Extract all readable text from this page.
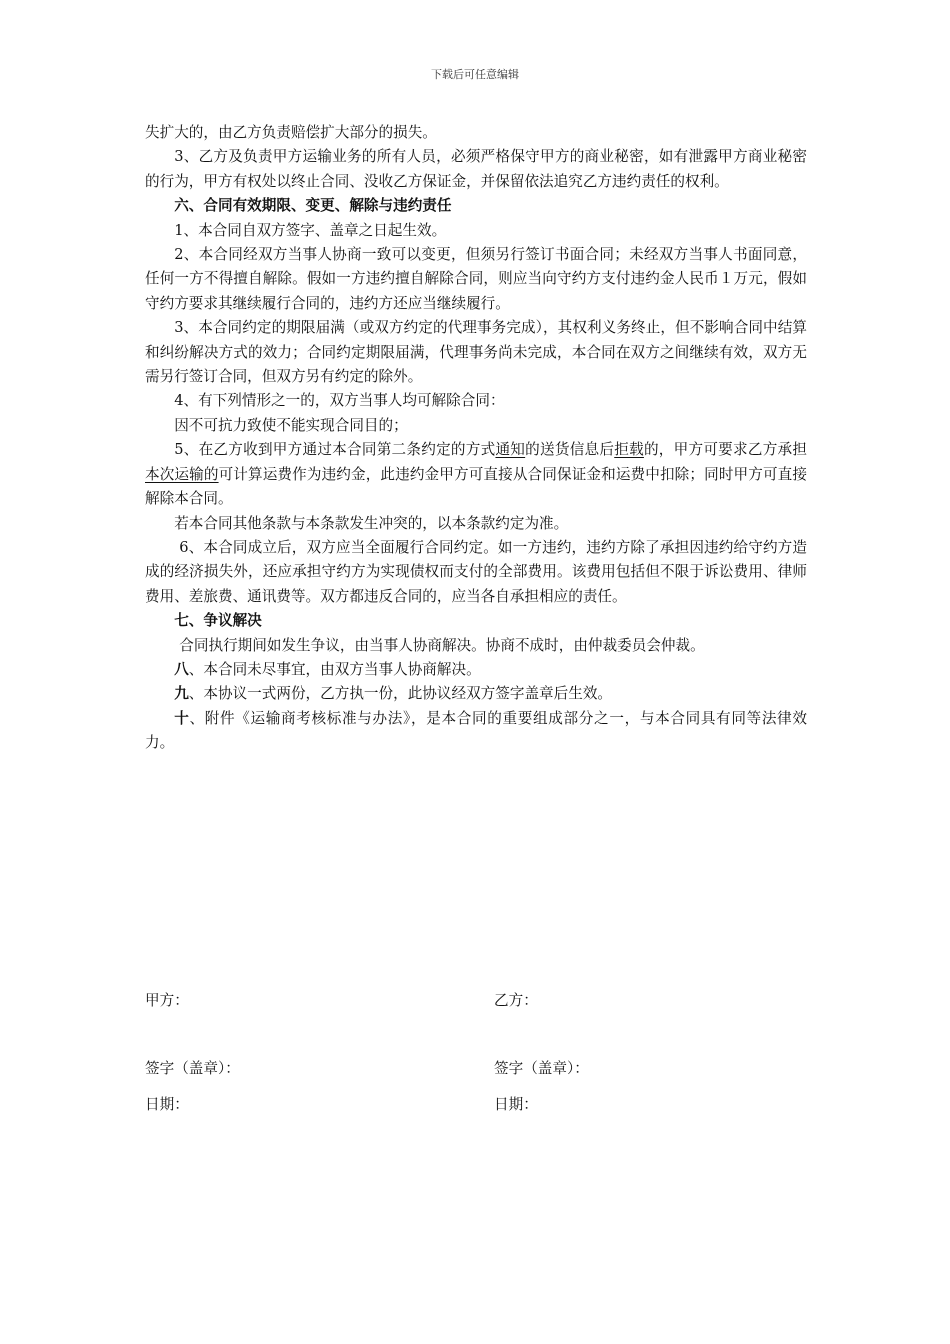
下载后可任意编辑

失扩大的，由乙方负责赔偿扩大部分的损失。

3、乙方及负责甲方运输业务的所有人员，必须严格保守甲方的商业秘密，如有泄露甲方商业秘密的行为，甲方有权处以终止合同、没收乙方保证金，并保留依法追究乙方违约责任的权利。

六、合同有效期限、变更、解除与违约责任

1、本合同自双方签字、盖章之日起生效。

2、本合同经双方当事人协商一致可以变更，但须另行签订书面合同；未经双方当事人书面同意，任何一方不得擅自解除。假如一方违约擅自解除合同，则应当向守约方支付违约金人民币１万元，假如守约方要求其继续履行合同的，违约方还应当继续履行。

3、本合同约定的期限届满（或双方约定的代理事务完成），其权利义务终止，但不影响合同中结算和纠纷解决方式的效力；合同约定期限届满，代理事务尚未完成，本合同在双方之间继续有效，双方无需另行签订合同，但双方另有约定的除外。

4、有下列情形之一的，双方当事人均可解除合同：

因不可抗力致使不能实现合同目的；

5、在乙方收到甲方通过本合同第二条约定的方式通知的送货信息后拒载的，甲方可要求乙方承担本次运输的可计算运费作为违约金，此违约金甲方可直接从合同保证金和运费中扣除；同时甲方可直接解除本合同。

若本合同其他条款与本条款发生冲突的，以本条款约定为准。

6、本合同成立后，双方应当全面履行合同约定。如一方违约，违约方除了承担因违约给守约方造成的经济损失外，还应承担守约方为实现债权而支付的全部费用。该费用包括但不限于诉讼费用、律师费用、差旅费、通讯费等。双方都违反合同的，应当各自承担相应的责任。

七、争议解决

合同执行期间如发生争议，由当事人协商解决。协商不成时，由仲裁委员会仲裁。

八、本合同未尽事宜，由双方当事人协商解决。

九、本协议一式两份，乙方执一份，此协议经双方签字盖章后生效。

十、附件《运输商考核标准与办法》，是本合同的重要组成部分之一，与本合同具有同等法律效力。

甲方：	乙方：
签字（盖章）：	签字（盖章）：
日期：	日期：
